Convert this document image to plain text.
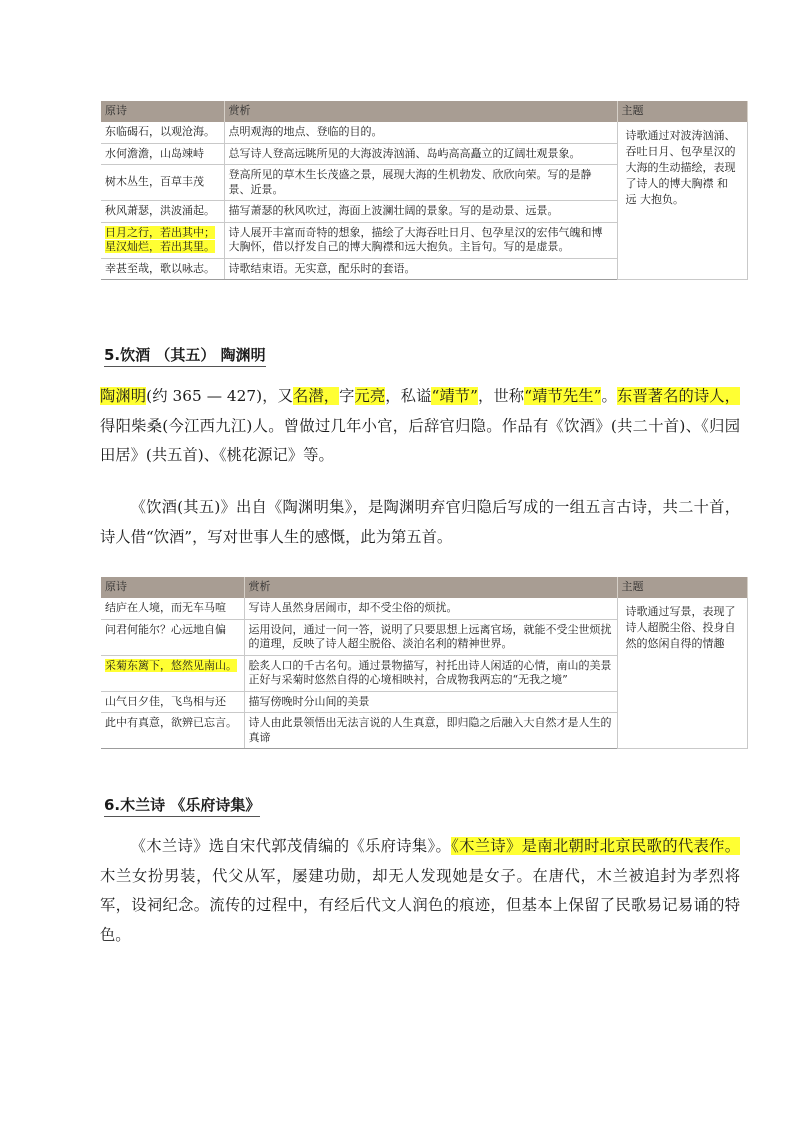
原诗	赏析	主题
东临碣石，以观沧海。	点明观海的地点、登临的目的。	诗歌通过对波涛汹涌、吞吐日月、包孕星汉的大海的生动描绘，表现了诗人的博大胸襟 和远 大抱负。
水何澹澹，山岛竦峙	总写诗人登高远眺所见的大海波涛汹涌、岛屿高高矗立的辽阔壮观景象。	
树木丛生，百草丰茂	登高所见的草木生长茂盛之景，展现大海的生机勃发、欣欣向荣。写的是静景、近景。	
秋风萧瑟，洪波涌起。	描写萧瑟的秋风吹过，海面上波澜壮阔的景象。写的是动景、远景。	
日月之行，若出其中；星汉灿烂，若出其里。	诗人展开丰富而奇特的想象，描绘了大海吞吐日月、包孕星汉的宏伟气魄和博大胸怀，借以抒发自己的博大胸襟和远大抱负。主旨句。写的是虚景。	
幸甚至哉，歌以咏志。	诗歌结束语。无实意，配乐时的套语。	
5.饮酒 （其五） 陶渊明

陶渊明(约 365 — 427)，又名潜，字元亮，私谥“靖节”，世称“靖节先生”。东晋著名的诗人，得阳柴桑(今江西九江)人。曾做过几年小官，后辞官归隐。作品有《饮酒》(共二十首)、《归园田居》(共五首)、《桃花源记》等。

《饮酒(其五)》出自《陶渊明集》，是陶渊明弃官归隐后写成的一组五言古诗，共二十首，诗人借“饮酒”，写对世事人生的感慨，此为第五首。

原诗	赏析	主题
结庐在人境，而无车马喧	写诗人虽然身居闹市，却不受尘俗的烦扰。	诗歌通过写景，表现了诗人超脱尘俗、投身自然的悠闲自得的情趣
问君何能尔？心远地自偏	运用设问，通过一问一答，说明了只要思想上远离官场，就能不受尘世烦扰的道理，反映了诗人超尘脱俗、淡泊名利的精神世界。	
采菊东篱下，悠然见南山。	脍炙人口的千古名句。通过景物描写，衬托出诗人闲适的心情，南山的美景正好与采菊时悠然自得的心境相映衬，合成物我两忘的“无我之境”	
山气日夕佳，飞鸟相与还	描写傍晚时分山间的美景	
此中有真意，欲辨已忘言。	诗人由此景领悟出无法言说的人生真意，即归隐之后融入大自然才是人生的真谛	
6.木兰诗 《乐府诗集》

《木兰诗》选自宋代郭茂倩编的《乐府诗集》。《木兰诗》是南北朝时北京民歌的代表作。木兰女扮男装，代父从军，屡建功勋，却无人发现她是女子。在唐代，木兰被追封为孝烈将军，设祠纪念。流传的过程中，有经后代文人润色的痕迹，但基本上保留了民歌易记易诵的特色。
